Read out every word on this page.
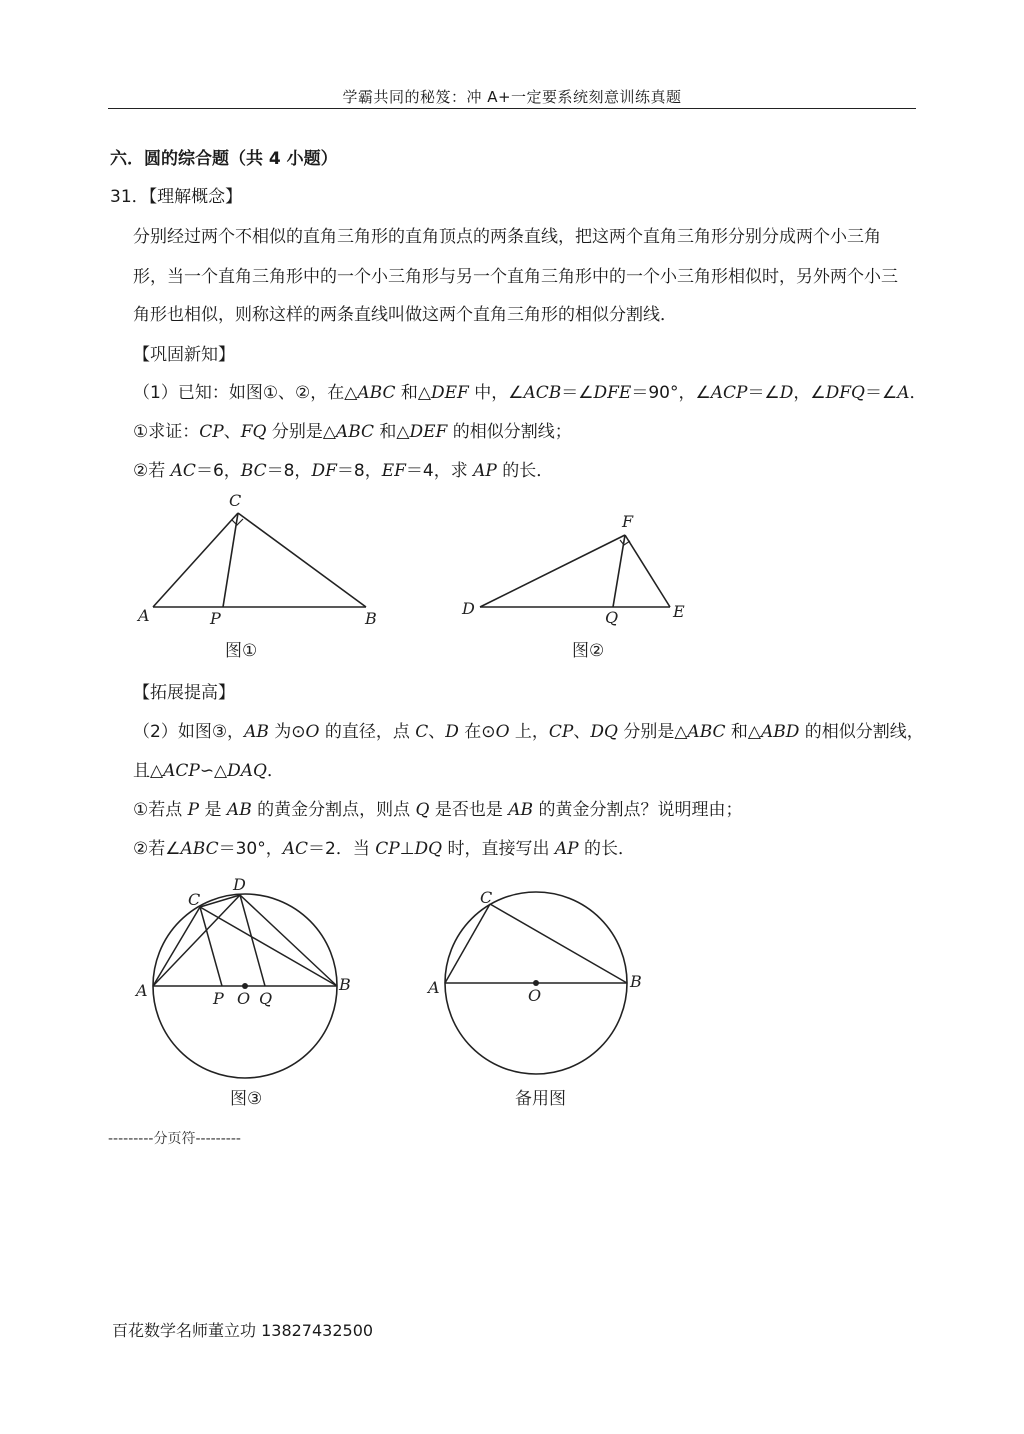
学霸共同的秘笈：冲 A+一定要系统刻意训练真题
六．圆的综合题（共 4 小题）
31．【理解概念】
分别经过两个不相似的直角三角形的直角顶点的两条直线，把这两个直角三角形分别分成两个小三角
形，当一个直角三角形中的一个小三角形与另一个直角三角形中的一个小三角形相似时，另外两个小三
角形也相似，则称这样的两条直线叫做这两个直角三角形的相似分割线．
【巩固新知】
（1）已知：如图①、②，在△ABC 和△DEF 中，∠ACB＝∠DFE＝90°，∠ACP＝∠D，∠DFQ＝∠A．
①求证：CP、FQ 分别是△ABC 和△DEF 的相似分割线；
②若 AC＝6，BC＝8，DF＝8，EF＝4，求 AP 的长．
C
A	P	B
图①
F
D	Q	E
图②
【拓展提高】
（2）如图③，AB 为⊙O 的直径，点 C、D 在⊙O 上，CP、DQ 分别是△ABC 和△ABD 的相似分割线，
且△ACP∽△DAQ．
①若点 P 是 AB 的黄金分割点，则点 Q 是否也是 AB 的黄金分割点？说明理由；
②若∠ABC＝30°，AC＝2．当 CP⊥DQ 时，直接写出 AP 的长．
C
D
A	P O Q
B
图③
C
A	O
B
备用图
---------分页符---------
百花数学名师董立功 13827432500
